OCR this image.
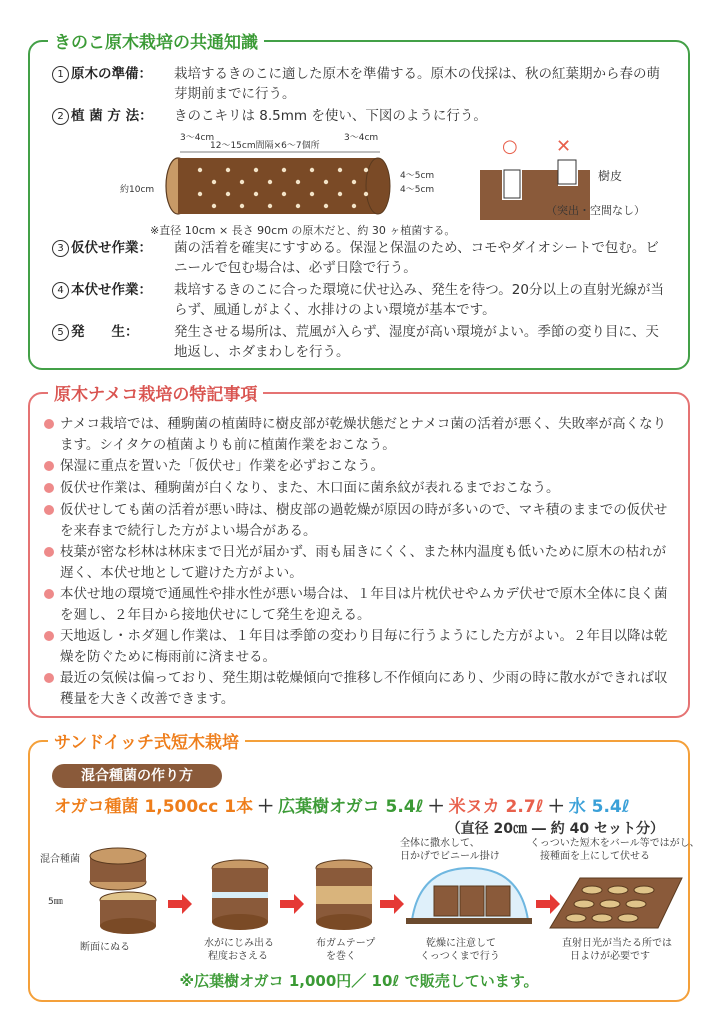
きのこ原木栽培の共通知識
1 原木の準備：	栽培するきのこに適した原木を準備する。原木の伐採は、秋の紅葉期から春の萌芽期前までに行う。
2 植 菌 方 法：	きのこキリは 8.5mm を使い、下図のように行う。
3～4cm
12～15cm間隔×6～7個所
3～4cm
約10cm
4～5cm
4～5cm
※直径 10cm × 長さ 90cm の原木だと、約 30 ヶ植菌する。
○ ✕
樹皮
（突出・空間なし）
3 仮伏せ作業：	菌の活着を確実にすすめる。保湿と保温のため、コモやダイオシートで包む。ビニールで包む場合は、必ず日陰で行う。
4 本伏せ作業：	栽培するきのこに合った環境に伏せ込み、発生を待つ。20分以上の直射光線が当らず、風通しがよく、水排けのよい環境が基本です。
5 発　　生：	発生させる場所は、荒風が入らず、湿度が高い環境がよい。季節の変り目に、天地返し、ホダまわしを行う。
原木ナメコ栽培の特記事項
ナメコ栽培では、種駒菌の植菌時に樹皮部が乾燥状態だとナメコ菌の活着が悪く、失敗率が高くなります。シイタケの植菌よりも前に植菌作業をおこなう。
保湿に重点を置いた「仮伏せ」作業を必ずおこなう。
仮伏せ作業は、種駒菌が白くなり、また、木口面に菌糸紋が表れるまでおこなう。
仮伏せしても菌の活着が悪い時は、樹皮部の過乾燥が原因の時が多いので、マキ積のままでの仮伏せを来春まで続行した方がよい場合がある。
枝葉が密な杉林は林床まで日光が届かず、雨も届きにくく、また林内温度も低いために原木の枯れが遅く、本伏せ地として避けた方がよい。
本伏せ地の環境で通風性や排水性が悪い場合は、１年目は片枕伏せやムカデ伏せで原木全体に良く菌を廻し、２年目から接地伏せにして発生を迎える。
天地返し・ホダ廻し作業は、１年目は季節の変わり目毎に行うようにした方がよい。２年目以降は乾燥を防ぐために梅雨前に済ませる。
最近の気候は偏っており、発生期は乾燥傾向で推移し不作傾向にあり、少雨の時に散水ができれば収穫量を大きく改善できます。
サンドイッチ式短木栽培
混合種菌の作り方
オガコ種菌 1,500cc 1本 ＋ 広葉樹オガコ 5.4ℓ ＋ 米ヌカ 2.7ℓ ＋ 水 5.4ℓ
（直径 20㎝ ― 約 40 セット分）
混合種菌
5㎜
断面にぬる	水がにじみ出る
程度おさえる
布ガムテープ
を巻く
全体に撒水して、
日かげでビニール掛け
乾燥に注意して
くっつくまで行う
くっついた短木をバール等ではがし、
接種面を上にして伏せる
直射日光が当たる所では
日よけが必要です
※広葉樹オガコ 1,000円／ 10ℓ で販売しています。
